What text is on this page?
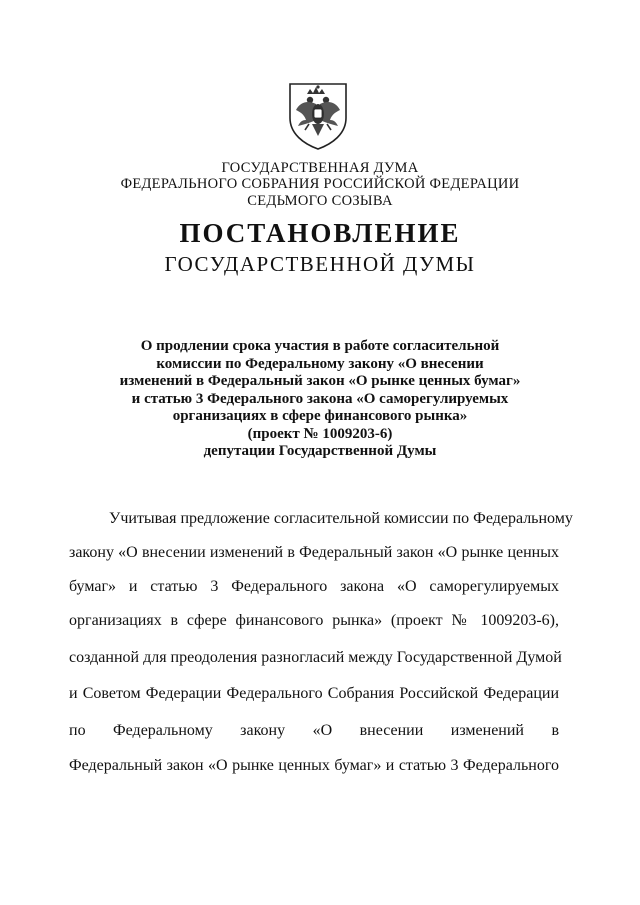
ГОСУДАРСТВЕННАЯ ДУМА
ФЕДЕРАЛЬНОГО СОБРАНИЯ РОССИЙСКОЙ ФЕДЕРАЦИИ
СЕДЬМОГО СОЗЫВА
ПОСТАНОВЛЕНИЕ
ГОСУДАРСТВЕННОЙ ДУМЫ
О продлении срока участия в работе согласительной
комиссии по Федеральному закону «О внесении
изменений в Федеральный закон «О рынке ценных бумаг»
и статью 3 Федерального закона «О саморегулируемых
организациях в сфере финансового рынка»
(проект № 1009203-6)
депутации Государственной Думы
Учитывая предложение согласительной комиссии по Федеральному
закону «О внесении изменений в Федеральный закон «О рынке ценных
бумаг» и статью 3 Федерального закона «О саморегулируемых
организациях в сфере финансового рынка» (проект № 1009203-6),
созданной для преодоления разногласий между Государственной Думой
и Советом Федерации Федерального Собрания Российской Федерации
по Федеральному закону «О внесении изменений в
Федеральный закон «О рынке ценных бумаг» и статью 3 Федерального
